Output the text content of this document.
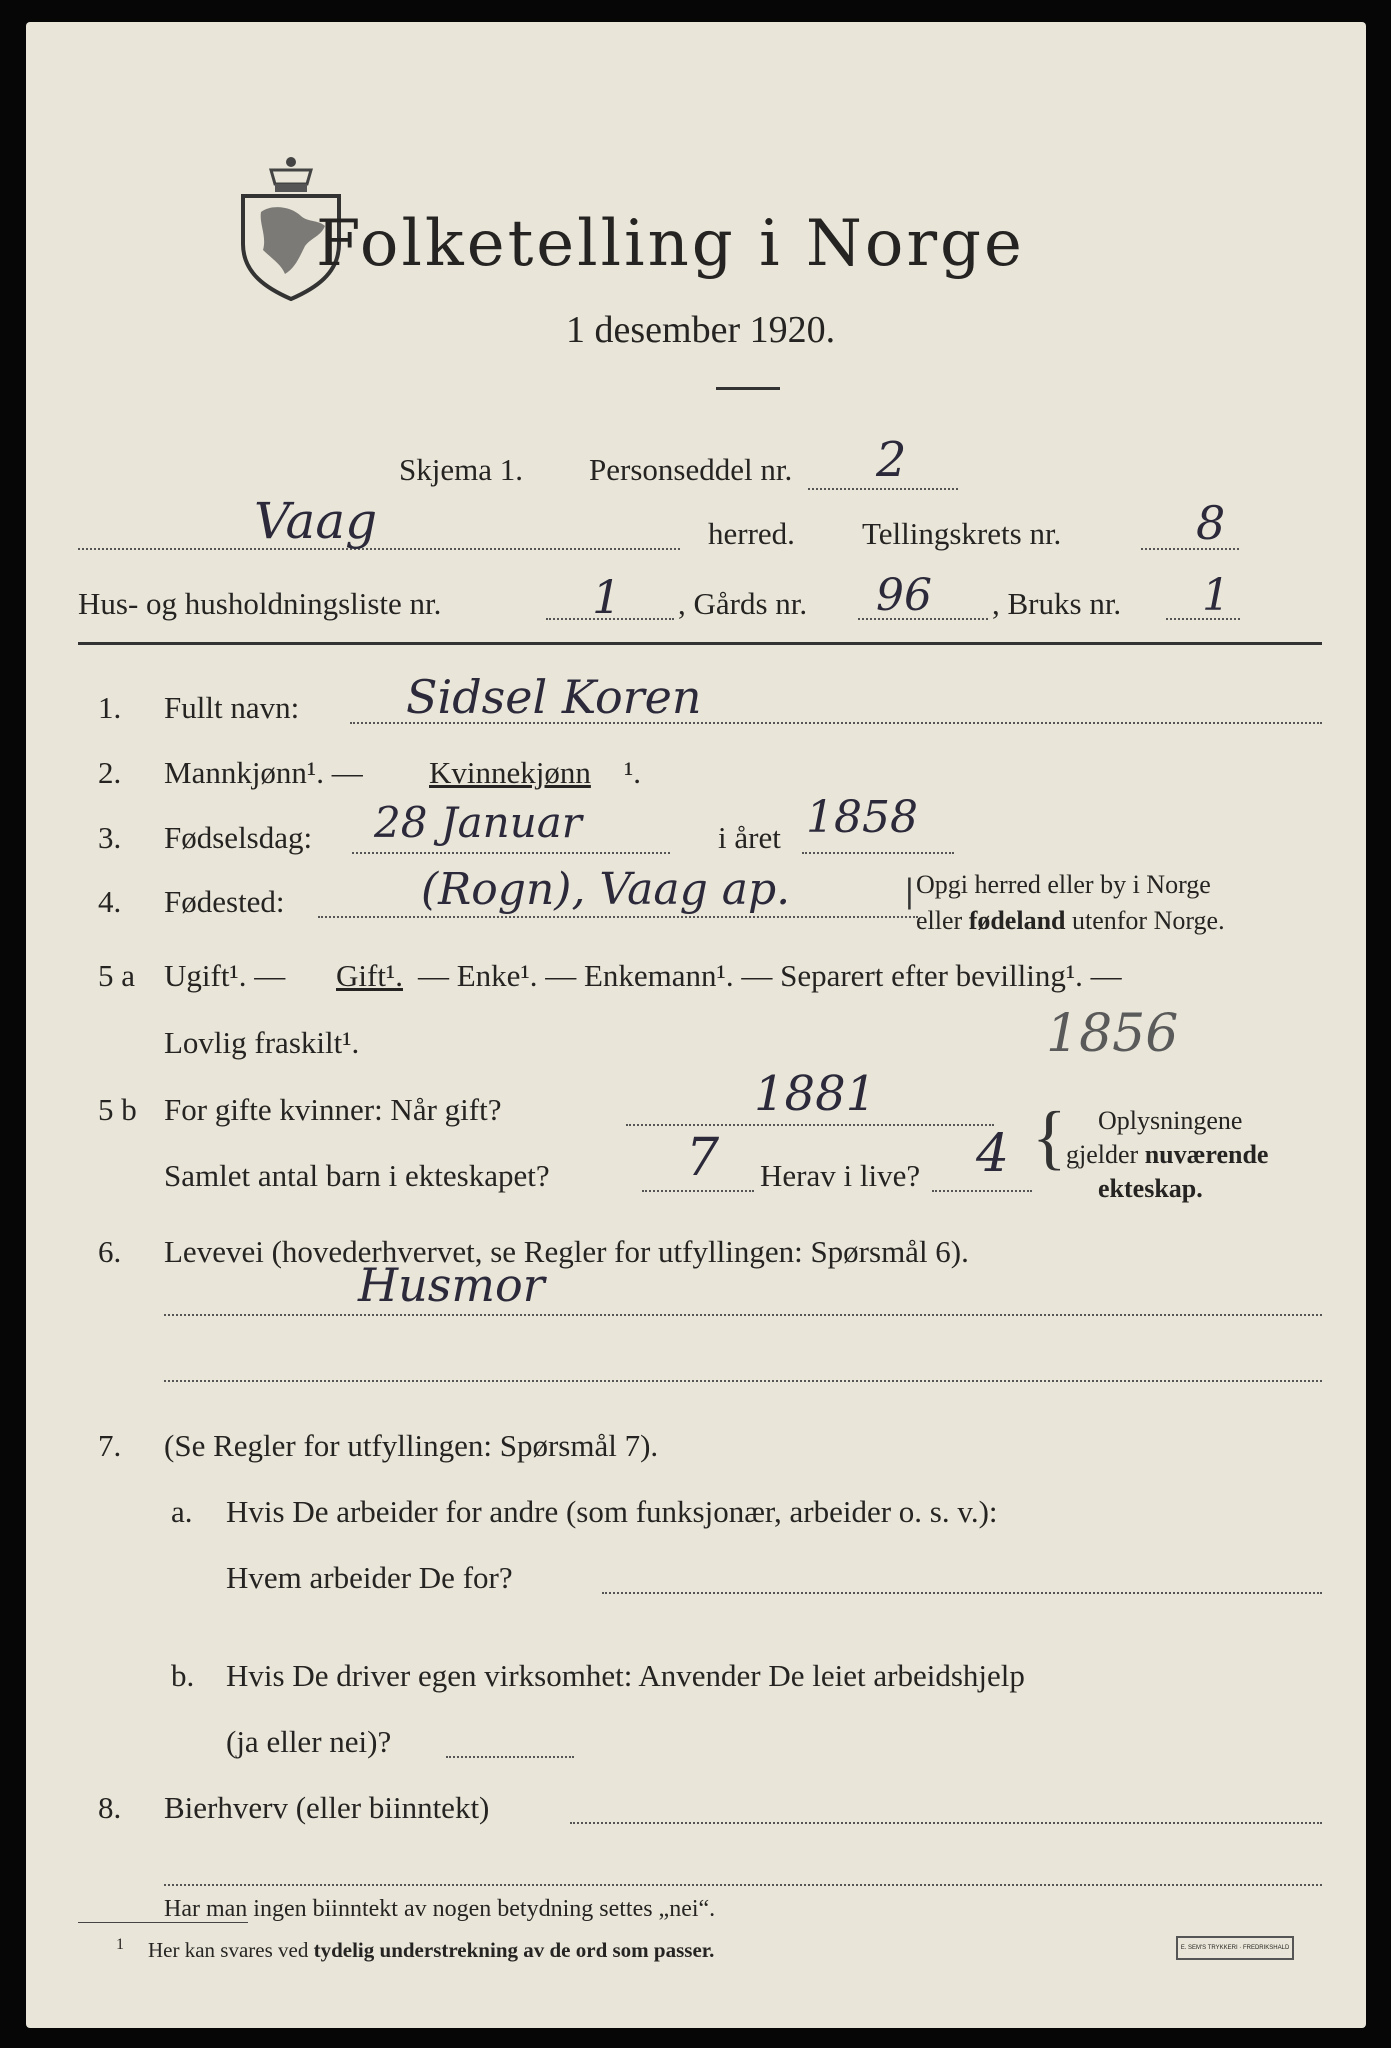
Folketelling i Norge
1 desember 1920.
Skjema 1. Personseddel nr. 2
Vaag	herred. Tellingskrets nr.	8
Hus- og husholdningsliste nr.	1 , Gårds nr. 96 , Bruks nr. 1
1. Fullt navn: Sidsel Koren
2. Mannkjønn¹. — Kvinnekjønn ¹.
3. Fødselsdag: 28 Januar	i året 1858
4. Fødested:	(Rogn), Vaag ap.	| Opgi herred eller by i Norge
eller fødeland utenfor Norge.
5 a Ugift¹. — Gift¹. — Enke¹. — Enkemann¹. — Separert efter bevilling¹. —
Lovlig fraskilt¹.	1856
5 b For gifte kvinner: Når gift?	1881
Samlet antal barn i ekteskapet?	7 Herav i live? 4 { Oplysningene
gjelder nuværende
ekteskap.
6. Levevei (hovederhvervet, se Regler for utfyllingen: Spørsmål 6).
Husmor
7. (Se Regler for utfyllingen: Spørsmål 7).
a. Hvis De arbeider for andre (som funksjonær, arbeider o. s. v.):
Hvem arbeider De for?
b. Hvis De driver egen virksomhet: Anvender De leiet arbeidshjelp
(ja eller nei)?
8. Bierhverv (eller biinntekt)
Har man ingen biinntekt av nogen betydning settes „nei“.
1 Her kan svares ved tydelig understrekning av de ord som passer.	E. SEM'S TRYKKERI · FREDRIKSHALD
